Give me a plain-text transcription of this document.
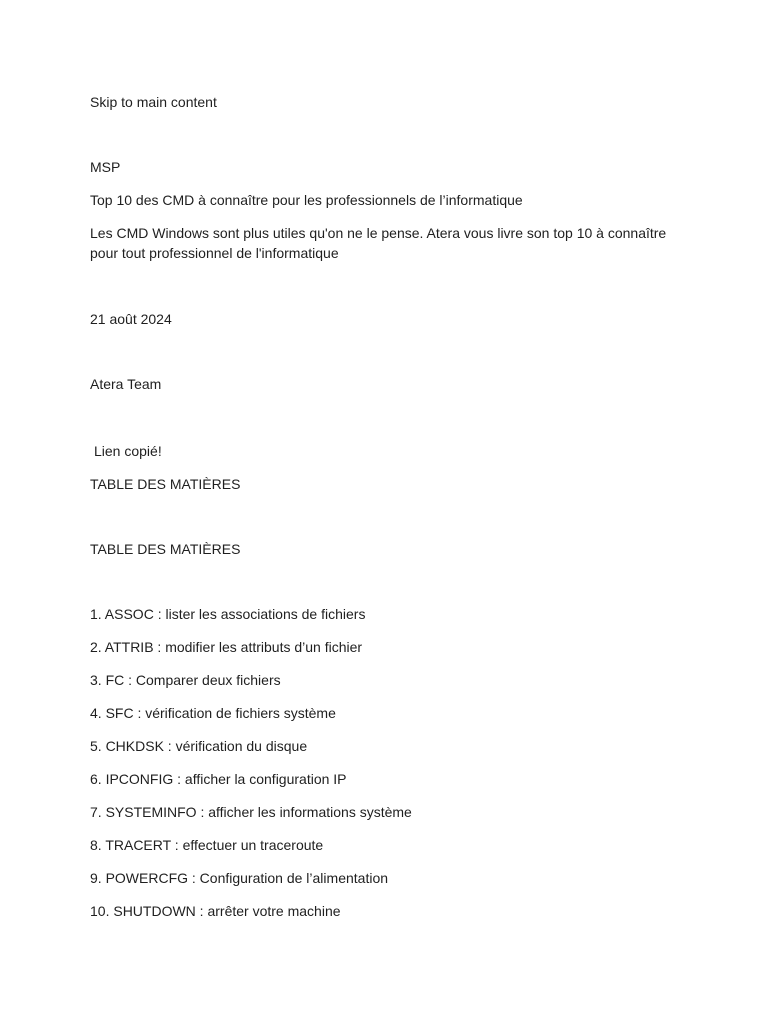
Skip to main content

MSP

Top 10 des CMD à connaître pour les professionnels de l’informatique

Les CMD Windows sont plus utiles qu'on ne le pense. Atera vous livre son top 10 à connaître pour tout professionnel de l'informatique

21 août 2024

Atera Team

Lien copié!

TABLE DES MATIÈRES

TABLE DES MATIÈRES

1. ASSOC : lister les associations de fichiers
2. ATTRIB : modifier les attributs d’un fichier
3. FC : Comparer deux fichiers
4. SFC : vérification de fichiers système
5. CHKDSK : vérification du disque
6. IPCONFIG : afficher la configuration IP
7. SYSTEMINFO : afficher les informations système
8. TRACERT : effectuer un traceroute
9. POWERCFG : Configuration de l’alimentation
10. SHUTDOWN : arrêter votre machine
